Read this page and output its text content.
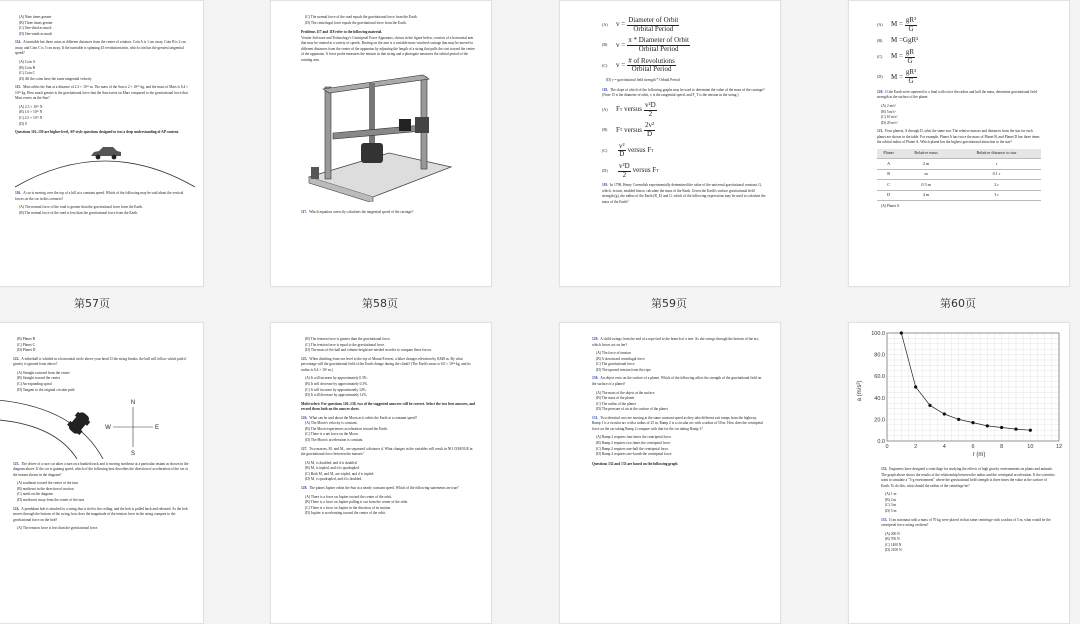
(A) Nine times greater
(B) Three times greater
(C) One-third as much
(D) One-ninth as much
114. A turntable has three coins at different distances from the center of rotation. Coin A is 1 cm away, Coin B is 2 cm away, and Coin C is 3 cm away. If the turntable is spinning 45 revolutions/min, which coin has the greatest tangential speed?
(A) Coin A
(B) Coin B
(C) Coin C
(D) All the coins have the same tangential velocity
115. Mars orbits the Sun at a distance of 2.3 × 10¹¹ m. The mass of the Sun is 2 × 10³⁰ kg, and the mass of Mars is 6.4 × 10²³ kg. How much greater is the gravitational force that the Sun exerts on Mars compared to the gravitational force that Mars exerts on the Sun?
(A) 2.3 × 10¹¹ N
(B) 1.6 × 10³³ N
(C) 2.5 × 10²¹ N
(D) 0
Questions 116–150 are higher-level, AP-style questions designed to test a deep understanding of AP content.
116. A car is moving over the top of a hill at a constant speed. Which of the following may be said about the vertical forces on the car in this scenario?
(A) The normal force of the road is greater than the gravitational force from the Earth.
(B) The normal force of the road is less than the gravitational force from the Earth.
第57页
(C) The normal force of the road equals the gravitational force from the Earth.
(D) The centrifugal force equals the gravitational force from the Earth.
Problems 117 and 118 refer to the following material.
Vernier Software and Technology's Centripetal Force Apparatus, shown in the figure below, consists of a horizontal arm that may be rotated at a variety of speeds. Resting on the arm is a variable-mass winched carriage that may be moved to different distances from the center of the apparatus by adjusting the length of a string that pulls the cart toward the center of the apparatus. A force probe measures the tension in that string and a photogate measures the orbital period of the rotating arm.
117. Which equation correctly calculates the tangential speed of the carriage?
第58页
(A)	$v = \frac{\text{Diameter of Orbit}}{\text{Orbital Period}}$
(B)	$v = \frac{\text{π * Diameter of Orbit}}{\text{Orbital Period}}$
(C)	$v = \frac{\text{\# of Revolutions}}{\text{Orbital Period}}$
(D) v = gravitational field strength * Orbital Period
118. The slope of which of the following graphs may be used to determine the value of the mass of the carriage? (Note: D is the diameter of orbit, v is the tangential speed, and F_T is the tension in the string.)
(A)	F T
versus $\frac{\text{v²D}}{2}$
(B)	F T
versus $\frac{\text{2v²}}{D}$
(C)	$\frac{\text{v²}}{D}$ versus F T
(D)	$\frac{\text{v²D}}{2}$ versus F T
119. In 1798, Henry Cavendish experimentally determined the value of the universal gravitational constant, G, which, in turn, enabled him to calculate the mass of the Earth. Given the Earth's surface gravitational field strength (g), the radius of the Earth (R_E) and G, which of the following expressions may be used to calculate the mass of the Earth?
第59页
(A)	$M = \frac{\text{gR²}}{G}$
(B)	M = GgR²
(C)	$M = \frac{gR}{G}$
(D)	$M = \frac{\text{gR²}}{G}$
120. If the Earth were squeezed to a final with twice the radius and half the mass, determine gravitational field strength at the surface of the planet.
(A) 2 m/s²
(B) 5 m/s²
(C) 10 m/s²
(D) 20 m/s²
121. Four planets, A through D, orbit the same star. The relative masses and distances from the star for each planet are shown in the table. For example, Planet A has twice the mass of Planet B, and Planet D has three times the orbital radius of Planet A. Which planet has the highest gravitational attraction to the star?
Planet	Relative mass	Relative distance to star
A	2 m	r
B	m	0.1 r
C	0.5 m	2 r
D	4 m	3 r
(A) Planet A
第60页
(B) Planet B
(C) Planet C
(D) Planet D
122. A tetherball is whirled in a horizontal circle above your head. If the string breaks, the ball will follow which path if gravity is ignored from above?
(A) Straight outward from the center
(B) Straight toward the center
(C) An expanding spiral
(D) Tangent to the original circular path
N
S
E
W
123. The driver of a race car takes a turn on a banked track and is moving northeast at a particular instant as shown in the diagram above. If the car is gaining speed, which of the following best describes the direction of acceleration of the car at the instant shown in the diagram?
(A) southeast toward the center of the turn
(B) northeast in the direction of motion
(C) north on the diagram
(D) northwest away from the center of the turn
124. A pendulum bob is attached to a string that is tied to the ceiling, and the bob is pulled back and released. As the bob moves through the bottom of the swing, how does the magnitude of the tension force in the string compare to the gravitational force on the bob?
(A) The tension force is less than the gravitational force.
(B) The tension force is greater than the gravitational force.
(C) The tension force is equal to the gravitational force.
(D) The mass of the ball and volume height are needed in order to compare these forces.
125. When climbing from sea level to the top of Mount Everest, a hiker changes elevation by 8,848 m. By what percentage will the gravitational field of the Earth change during the climb? (The Earth's mass is 6.0 × 10²⁴ kg, and its radius is 6.4 × 10⁶ m.)
(A) It will increase by approximately 0.3%.
(B) It will decrease by approximately 0.3%.
(C) It will increase by approximately 12%.
(D) It will decrease by approximately 12%.
Multi-select: For questions 126–130, two of the suggested answers will be correct. Select the two best answers, and record them both on the answer sheet.
126. What can be said about the Moon as it orbits the Earth at a constant speed?
(A) The Moon's velocity is constant.
(B) The Moon experiences acceleration toward the Earth.
(C) There is a net force on the Moon.
(D) The Moon's acceleration is constant.
127. Two masses, M₁ and M₂, are separated a distance d. What changes in the variables will result in NO CHANGE in the gravitational force between the masses?
(A) M₁ is doubled, and d is doubled.
(B) M₁ is tripled, and d is quadrupled.
(C) Both M₁ and M₂ are tripled, and d is tripled.
(D) M₁ is quadrupled, and d is doubled.
128. The planet Jupiter orbits the Sun at a nearly constant speed. Which of the following statements are true?
(A) There is a force on Jupiter toward the center of the orbit.
(B) There is a force on Jupiter pulling it out from the center of the orbit.
(C) There is a force on Jupiter in the direction of its motion.
(D) Jupiter is accelerating toward the center of the orbit.
129. A child swings from the end of a rope tied to the branch of a tree. As she swings through the bottom of the arc, which forces act on her?
(A) The force of tension
(B) A downward centrifugal force
(C) The gravitational force
(D) The upward tension from the rope
130. An object rests on the surface of a planet. Which of the following affect the strength of the gravitational field on the surface of a planet?
(A) The mass of the object at the surface
(B) The mass of the planet
(C) The radius of the planet
(D) The pressure of air at the surface of the planet
131. Two identical cars are moving at the same constant speed as they take different exit ramps from the highway. Ramp 1 is a circular arc with a radius of 25 m. Ramp 2 is a circular arc with a radius of 50 m. How does the centripetal force on the car taking Ramp 2 compare with that for the car taking Ramp 1?
(A) Ramp 2 requires four times the centripetal force.
(B) Ramp 2 requires two times the centripetal force.
(C) Ramp 2 requires one-half the centripetal force.
(D) Ramp 2 requires one-fourth the centripetal force.
Questions 132 and 133 are based on the following graph
0	2	4	6	8	10	12
0.0
20.0
40.0
60.0
80.0
100.0
r (m)
a (m/s²)
132. Engineers have designed a centrifuge for studying the effects of high gravity environments on plants and animals. The graph above shows the results of the relationship between the radius and the centripetal acceleration. If the scientists want to simulate a "3-g environment" where the gravitational field strength is three times the value at the surface of Earth. To do this, what should the radius of the centrifuge be?
(A) 1 m
(B) 2 m
(C) 3 m
(D) 5 m
133. If an astronaut with a mass of 70 kg were placed in that same centrifuge with a radius of 5 m, what would be the centripetal force acting on them?
(A) 200 N
(B) 700 N
(C) 1400 N
(D) 2100 N
